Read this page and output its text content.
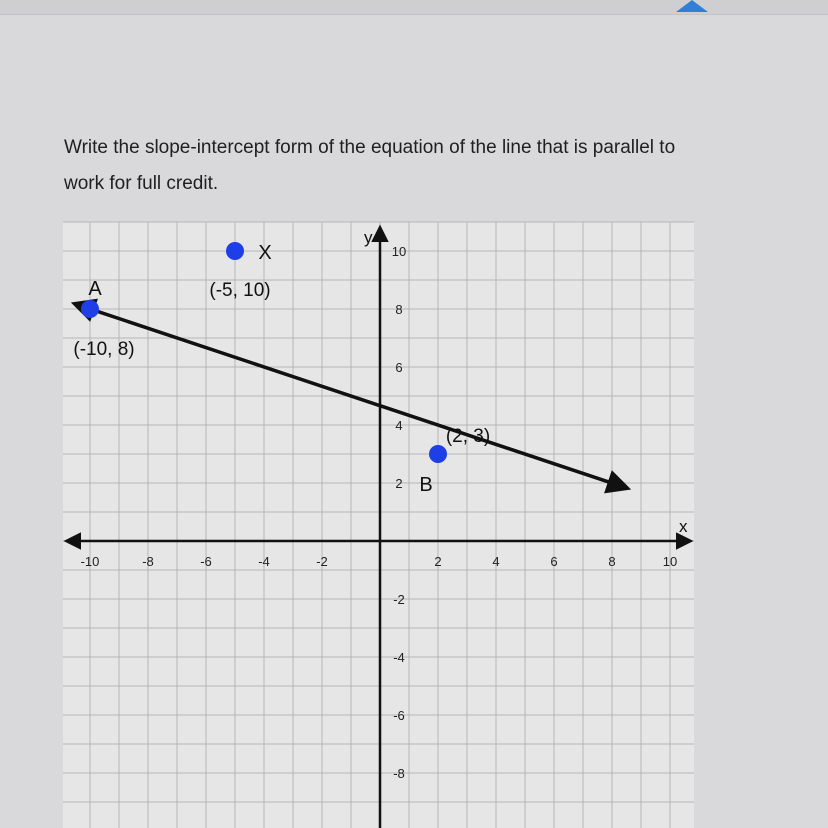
Write the slope-intercept form of the equation of the line that is parallel to
work for full credit.
x
y
-10	-8	-6	-4	-2	2	4	6	8	10
10
8
6
4
2
-2
-4
-6
-8
X
(-5, 10)
A
(-10, 8)
B
(2, 3)
